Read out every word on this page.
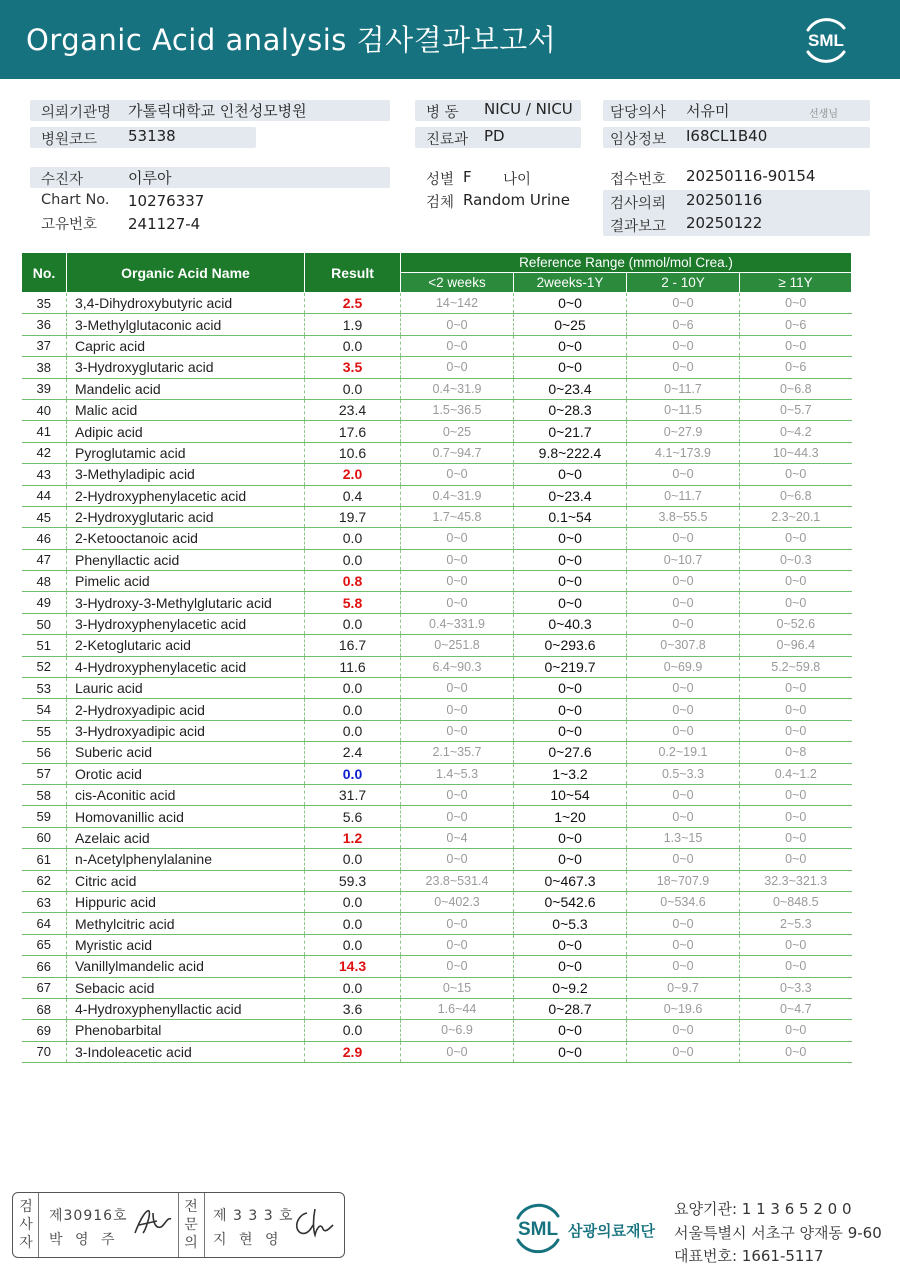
Organic Acid analysis 검사결과보고서	SML
의뢰기관명 가톨릭대학교 인천성모병원
병원코드 53138
병 동 NICU / NICU
진료과 PD
담당의사 서유미	선생님
임상정보 I68CL1B40
수진자	이루아
Chart No. 10276337
고유번호 241127-4
성별 F 나이
검체 Random Urine
접수번호 20250116-90154
검사의뢰 20250116
결과보고 20250122
No.	Organic Acid Name	Result	Reference Range (mmol/mol Crea.)			
			<2 weeks	2weeks-1Y	2 - 10Y	≥ 11Y
35	3,4-Dihydroxybutyric acid	2.5	14~142	0~0	0~0	0~0
36	3-Methylglutaconic acid	1.9	0~0	0~25	0~6	0~6
37	Capric acid	0.0	0~0	0~0	0~0	0~0
38	3-Hydroxyglutaric acid	3.5	0~0	0~0	0~0	0~6
39	Mandelic acid	0.0	0.4~31.9	0~23.4	0~11.7	0~6.8
40	Malic acid	23.4	1.5~36.5	0~28.3	0~11.5	0~5.7
41	Adipic acid	17.6	0~25	0~21.7	0~27.9	0~4.2
42	Pyroglutamic acid	10.6	0.7~94.7	9.8~222.4	4.1~173.9	10~44.3
43	3-Methyladipic acid	2.0	0~0	0~0	0~0	0~0
44	2-Hydroxyphenylacetic acid	0.4	0.4~31.9	0~23.4	0~11.7	0~6.8
45	2-Hydroxyglutaric acid	19.7	1.7~45.8	0.1~54	3.8~55.5	2.3~20.1
46	2-Ketooctanoic acid	0.0	0~0	0~0	0~0	0~0
47	Phenyllactic acid	0.0	0~0	0~0	0~10.7	0~0.3
48	Pimelic acid	0.8	0~0	0~0	0~0	0~0
49	3-Hydroxy-3-Methylglutaric acid	5.8	0~0	0~0	0~0	0~0
50	3-Hydroxyphenylacetic acid	0.0	0.4~331.9	0~40.3	0~0	0~52.6
51	2-Ketoglutaric acid	16.7	0~251.8	0~293.6	0~307.8	0~96.4
52	4-Hydroxyphenylacetic acid	11.6	6.4~90.3	0~219.7	0~69.9	5.2~59.8
53	Lauric acid	0.0	0~0	0~0	0~0	0~0
54	2-Hydroxyadipic acid	0.0	0~0	0~0	0~0	0~0
55	3-Hydroxyadipic acid	0.0	0~0	0~0	0~0	0~0
56	Suberic acid	2.4	2.1~35.7	0~27.6	0.2~19.1	0~8
57	Orotic acid	0.0	1.4~5.3	1~3.2	0.5~3.3	0.4~1.2
58	cis-Aconitic acid	31.7	0~0	10~54	0~0	0~0
59	Homovanillic acid	5.6	0~0	1~20	0~0	0~0
60	Azelaic acid	1.2	0~4	0~0	1.3~15	0~0
61	n-Acetylphenylalanine	0.0	0~0	0~0	0~0	0~0
62	Citric acid	59.3	23.8~531.4	0~467.3	18~707.9	32.3~321.3
63	Hippuric acid	0.0	0~402.3	0~542.6	0~534.6	0~848.5
64	Methylcitric acid	0.0	0~0	0~5.3	0~0	2~5.3
65	Myristic acid	0.0	0~0	0~0	0~0	0~0
66	Vanillylmandelic acid	14.3	0~0	0~0	0~0	0~0
67	Sebacic acid	0.0	0~15	0~9.2	0~9.7	0~3.3
68	4-Hydroxyphenyllactic acid	3.6	1.6~44	0~28.7	0~19.6	0~4.7
69	Phenobarbital	0.0	0~6.9	0~0	0~0	0~0
70	3-Indoleacetic acid	2.9	0~0	0~0	0~0	0~0
검
사
자
제30916호
박 영 주
전
문
의
제 3 3 3 호
지 현 영	SML 삼광의료재단
요양기관: 1 1 3 6 5 2 0 0
서울특별시 서초구 양재동 9-60
대표번호: 1661-5117
